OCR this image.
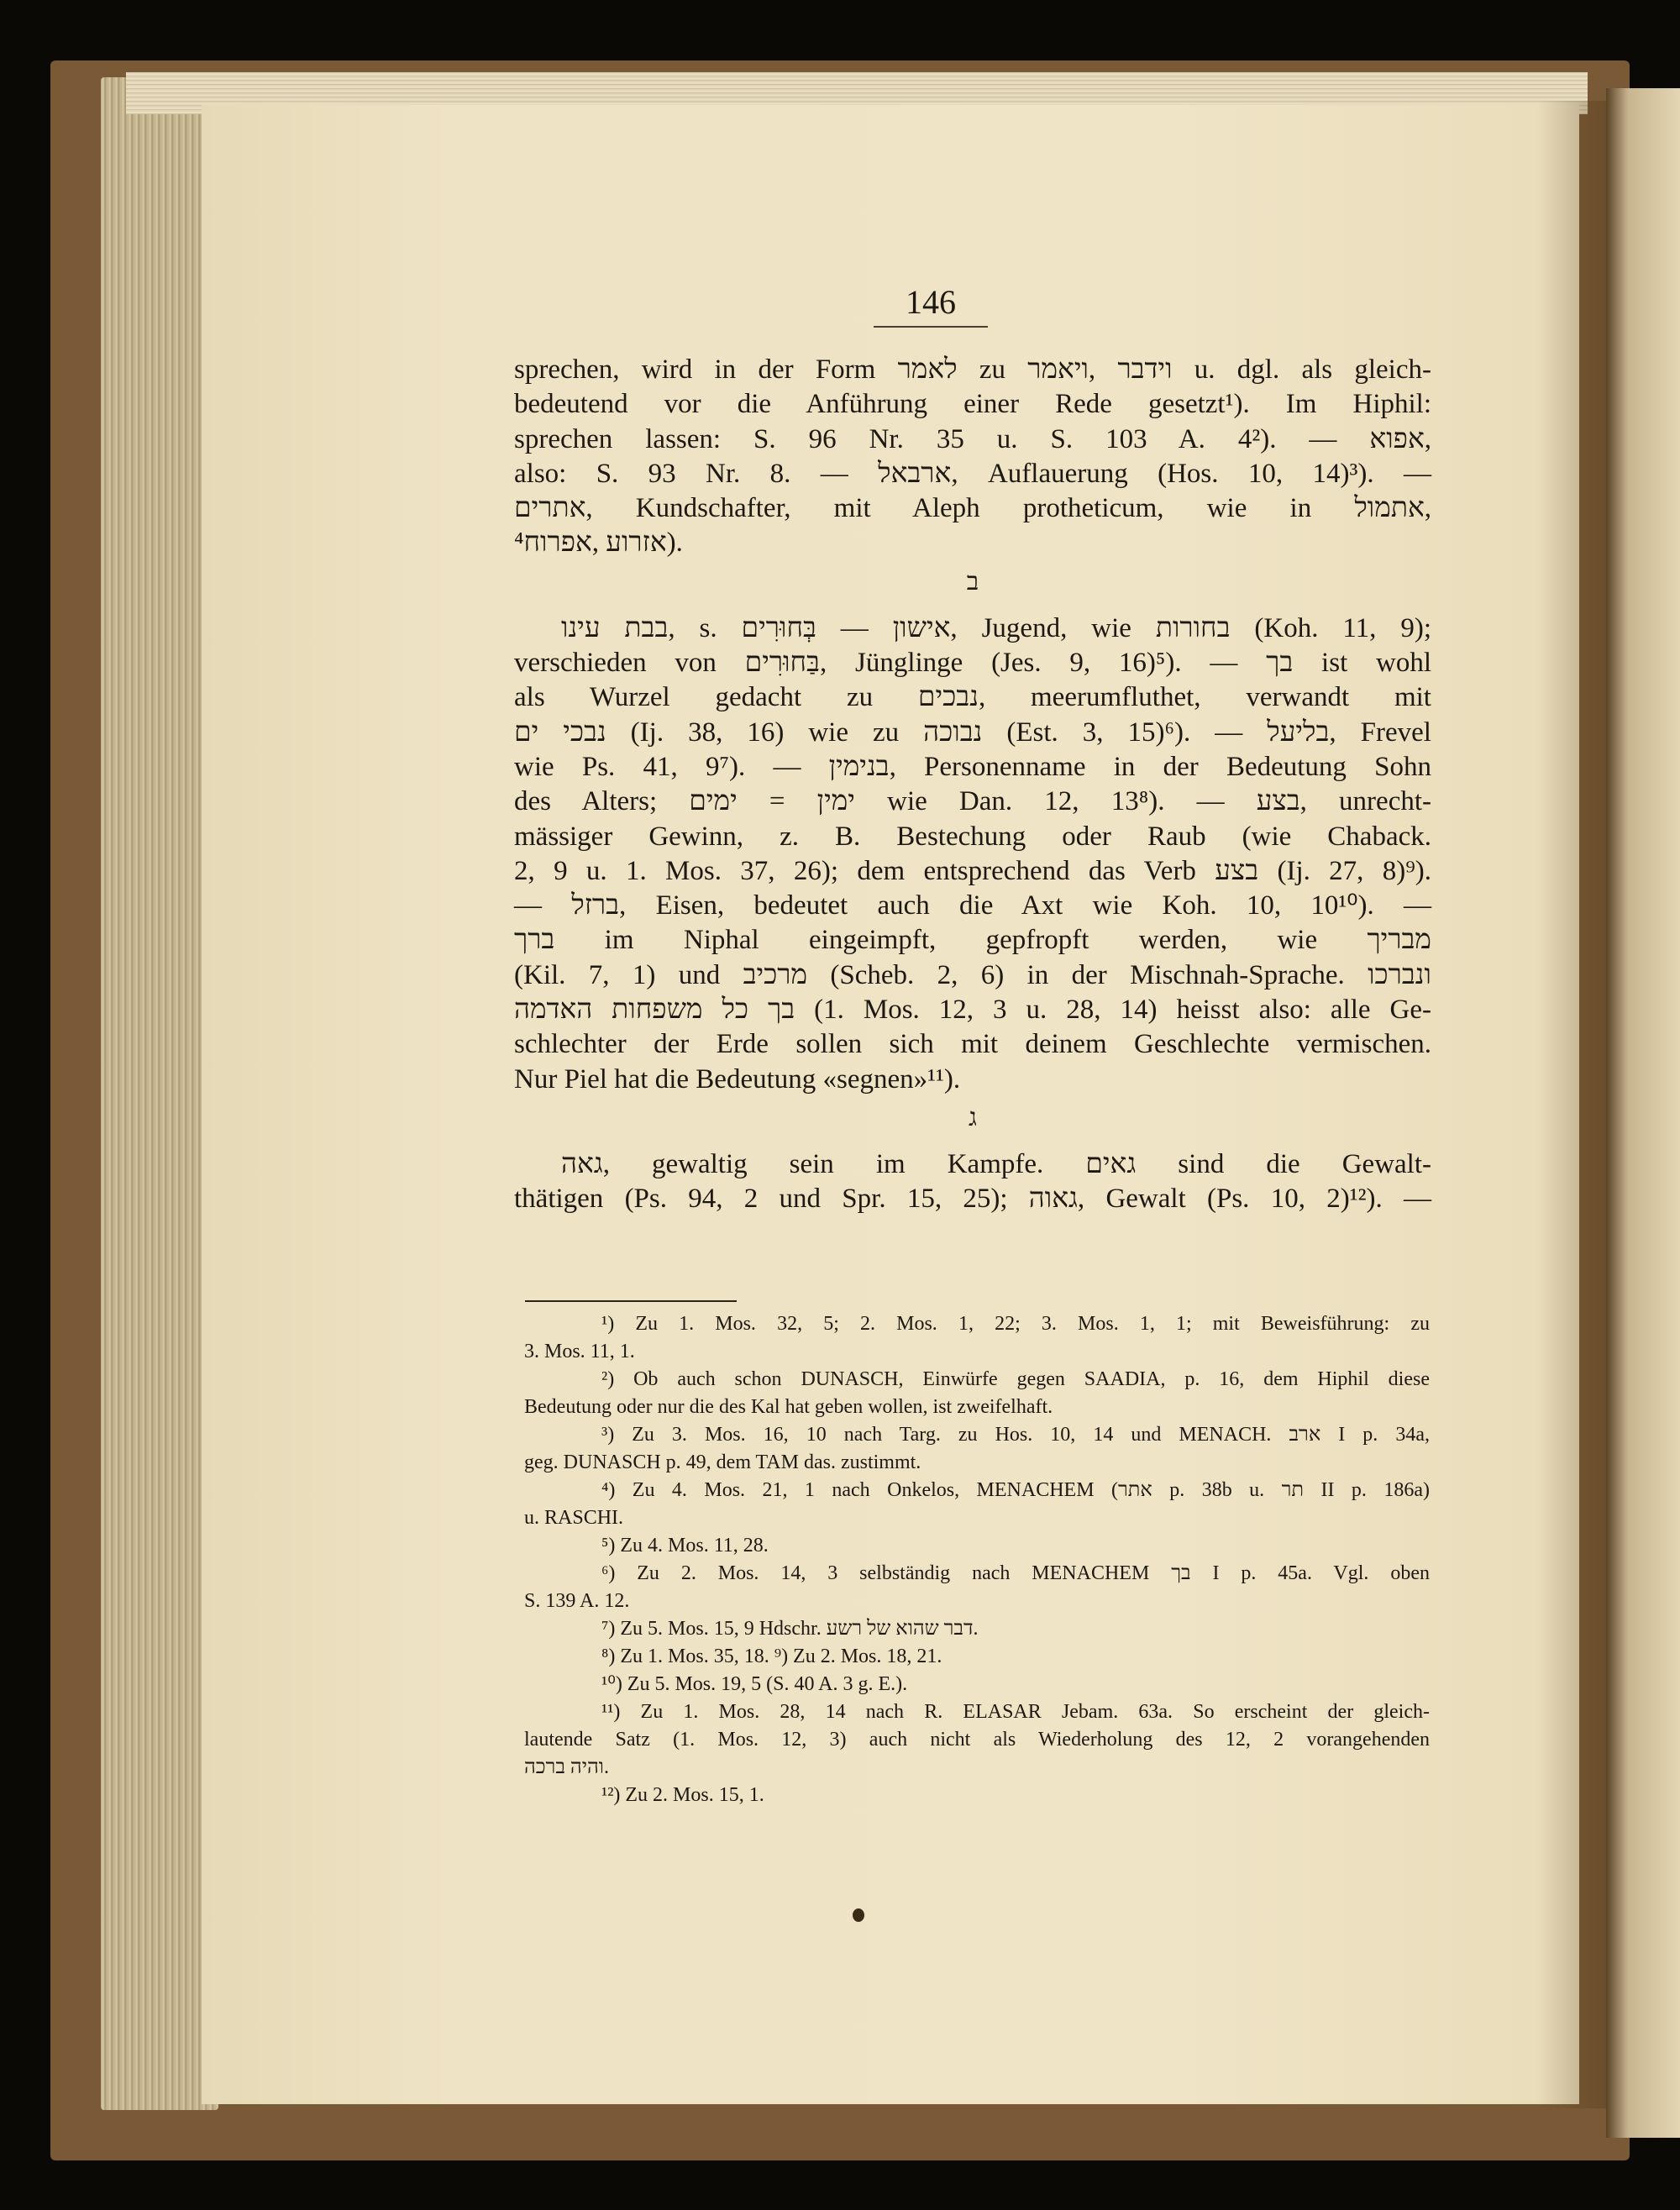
146
sprechen, wird in der Form לאמר zu וידבר ,ויאמר u. dgl. als gleich-
bedeutend vor die Anführung einer Rede gesetzt¹). Im Hiphil:
sprechen lassen: S. 96 Nr. 35 u. S. 103 A. 4²). — אפוא,
also: S. 93 Nr. 8. — ארבאל, Auflauerung (Hos. 10, 14)³). —
אתרים, Kundschafter, mit Aleph protheticum, wie in אתמול,
אזרוע ,אפרוח⁴).
ב
בבת עינו, s. אישון — בְּחוּרִים, Jugend, wie בחורות (Koh. 11, 9);
verschieden von בַּחוּרִים, Jünglinge (Jes. 9, 16)⁵). — בך ist wohl
als Wurzel gedacht zu נבכים, meerumfluthet, verwandt mit
נבכי ים (Ij. 38, 16) wie zu נבוכה (Est. 3, 15)⁶). — בליעל, Frevel
wie Ps. 41, 9⁷). — בנימין, Personenname in der Bedeutung Sohn
des Alters; ימין = ימים wie Dan. 12, 13⁸). — בצע, unrecht-
mässiger Gewinn, z. B. Bestechung oder Raub (wie Chaback.
2, 9 u. 1. Mos. 37, 26); dem entsprechend das Verb בצע (Ij. 27, 8)⁹).
— ברזל, Eisen, bedeutet auch die Axt wie Koh. 10, 10¹⁰). —
ברך im Niphal eingeimpft, gepfropft werden, wie מבריך
(Kil. 7, 1) und מרכיב (Scheb. 2, 6) in der Mischnah-Sprache. ונברכו
בך כל משפחות האדמה (1. Mos. 12, 3 u. 28, 14) heisst also: alle Ge-
schlechter der Erde sollen sich mit deinem Geschlechte vermischen.
Nur Piel hat die Bedeutung «segnen»¹¹).
ג
גאה, gewaltig sein im Kampfe. גאים sind die Gewalt-
thätigen (Ps. 94, 2 und Spr. 15, 25); גאוה, Gewalt (Ps. 10, 2)¹²). —
¹) Zu 1. Mos. 32, 5; 2. Mos. 1, 22; 3. Mos. 1, 1; mit Beweisführung: zu
3. Mos. 11, 1.
²) Ob auch schon DUNASCH, Einwürfe gegen SAADIA, p. 16, dem Hiphil diese
Bedeutung oder nur die des Kal hat geben wollen, ist zweifelhaft.
³) Zu 3. Mos. 16, 10 nach Targ. zu Hos. 10, 14 und MENACH. ארב I p. 34a,
geg. DUNASCH p. 49, dem TAM das. zustimmt.
⁴) Zu 4. Mos. 21, 1 nach Onkelos, MENACHEM (אתר p. 38b u. תר II p. 186a)
u. RASCHI.
⁵) Zu 4. Mos. 11, 28.
⁶) Zu 2. Mos. 14, 3 selbständig nach MENACHEM בך I p. 45a. Vgl. oben
S. 139 A. 12.
⁷) Zu 5. Mos. 15, 9 Hdschr. דבר שהוא של רשע.
⁸) Zu 1. Mos. 35, 18. ⁹) Zu 2. Mos. 18, 21.
¹⁰) Zu 5. Mos. 19, 5 (S. 40 A. 3 g. E.).
¹¹) Zu 1. Mos. 28, 14 nach R. ELASAR Jebam. 63a. So erscheint der gleich-
lautende Satz (1. Mos. 12, 3) auch nicht als Wiederholung des 12, 2 vorangehenden
והיה ברכה.
¹²) Zu 2. Mos. 15, 1.
